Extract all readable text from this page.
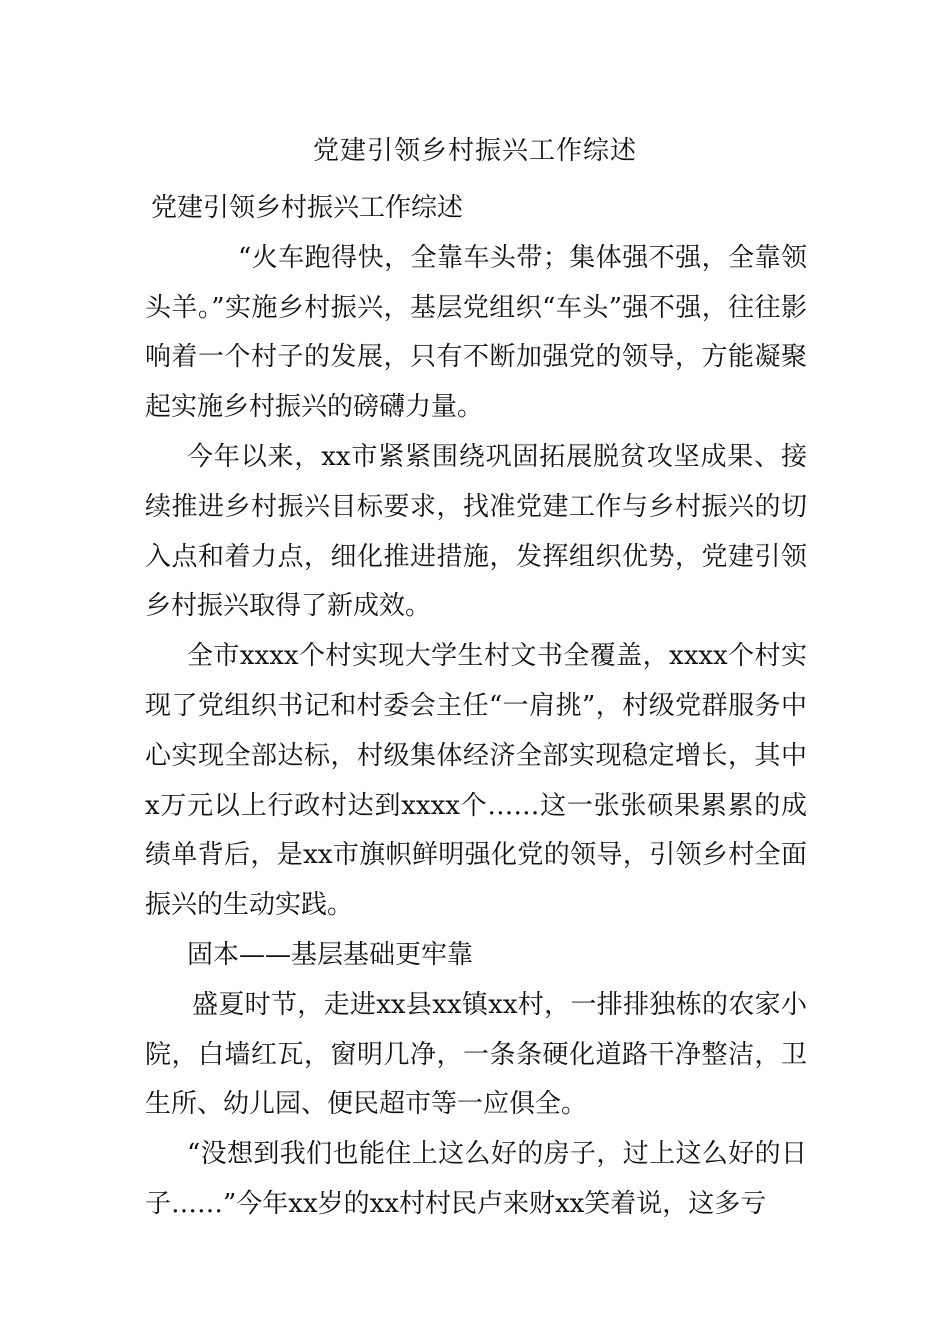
党建引领乡村振兴工作综述

党建引领乡村振兴工作综述

“火车跑得快，全靠车头带；集体强不强，全靠领头羊。”实施乡村振兴，基层党组织“车头”强不强，往往影响着一个村子的发展，只有不断加强党的领导，方能凝聚起实施乡村振兴的磅礴力量。

今年以来，xx市紧紧围绕巩固拓展脱贫攻坚成果、接续推进乡村振兴目标要求，找准党建工作与乡村振兴的切入点和着力点，细化推进措施，发挥组织优势，党建引领乡村振兴取得了新成效。

全市xxxx个村实现大学生村文书全覆盖，xxxx个村实现了党组织书记和村委会主任“一肩挑”，村级党群服务中心实现全部达标，村级集体经济全部实现稳定增长，其中x万元以上行政村达到xxxx个……这一张张硕果累累的成绩单背后，是xx市旗帜鲜明强化党的领导，引领乡村全面振兴的生动实践。

固本——基层基础更牢靠

盛夏时节，走进xx县xx镇xx村，一排排独栋的农家小院，白墙红瓦，窗明几净，一条条硬化道路干净整洁，卫生所、幼儿园、便民超市等一应俱全。

“没想到我们也能住上这么好的房子，过上这么好的日子……”今年xx岁的xx村村民卢来财xx笑着说，这多亏
